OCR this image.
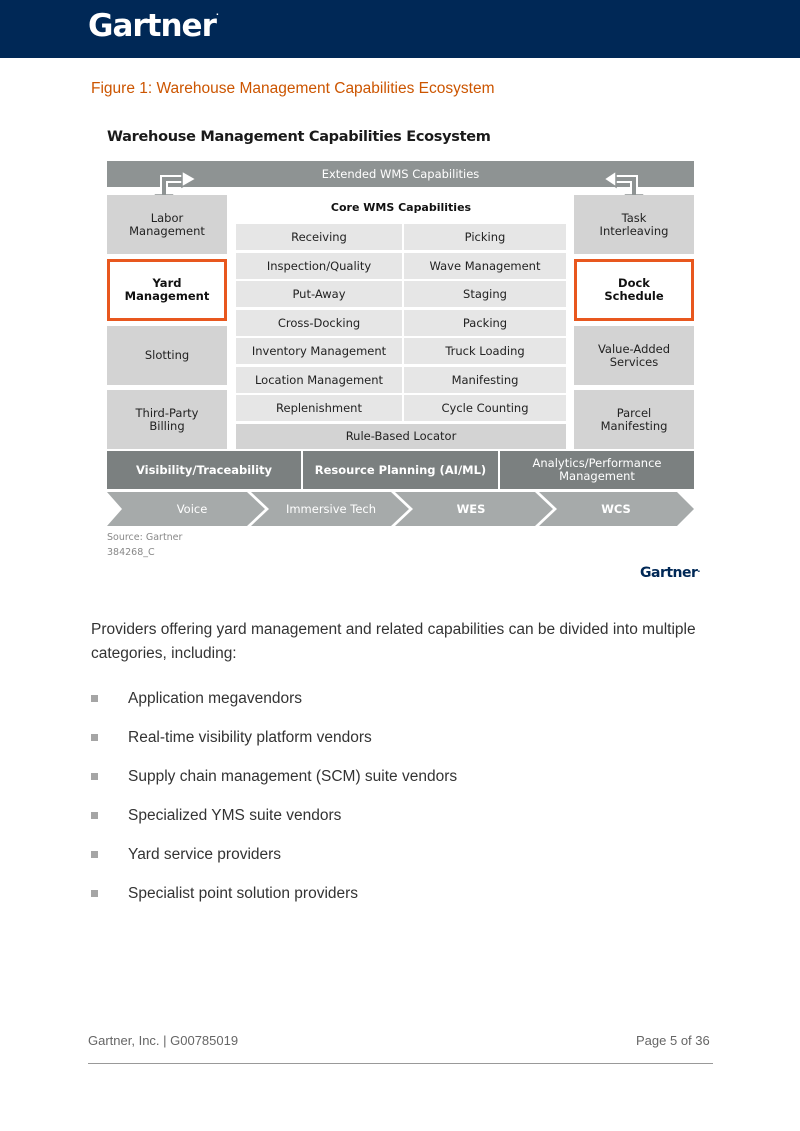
Gartner.
Figure 1: Warehouse Management Capabilities Ecosystem
Warehouse Management Capabilities Ecosystem
Extended WMS Capabilities
Labor
Management
Yard
Management
Slotting
Third-Party
Billing
Task
Interleaving
Dock
Schedule
Value-Added
Services
Parcel
Manifesting
Core WMS Capabilities
Receiving	Picking
Inspection/Quality	Wave Management
Put-Away	Staging
Cross-Docking	Packing
Inventory Management	Truck Loading
Location Management	Manifesting
Replenishment	Cycle Counting
Rule-Based Locator
Visibility/Traceability	Resource Planning (AI/ML)	Analytics/Performance
Management
Voice	Immersive Tech	WES	WCS
Source: Gartner
384268_C
Gartner.
Providers offering yard management and related capabilities can be divided into multiple categories, including:
Application megavendors
Real-time visibility platform vendors
Supply chain management (SCM) suite vendors
Specialized YMS suite vendors
Yard service providers
Specialist point solution providers
Gartner, Inc. | G00785019	Page 5 of 36
